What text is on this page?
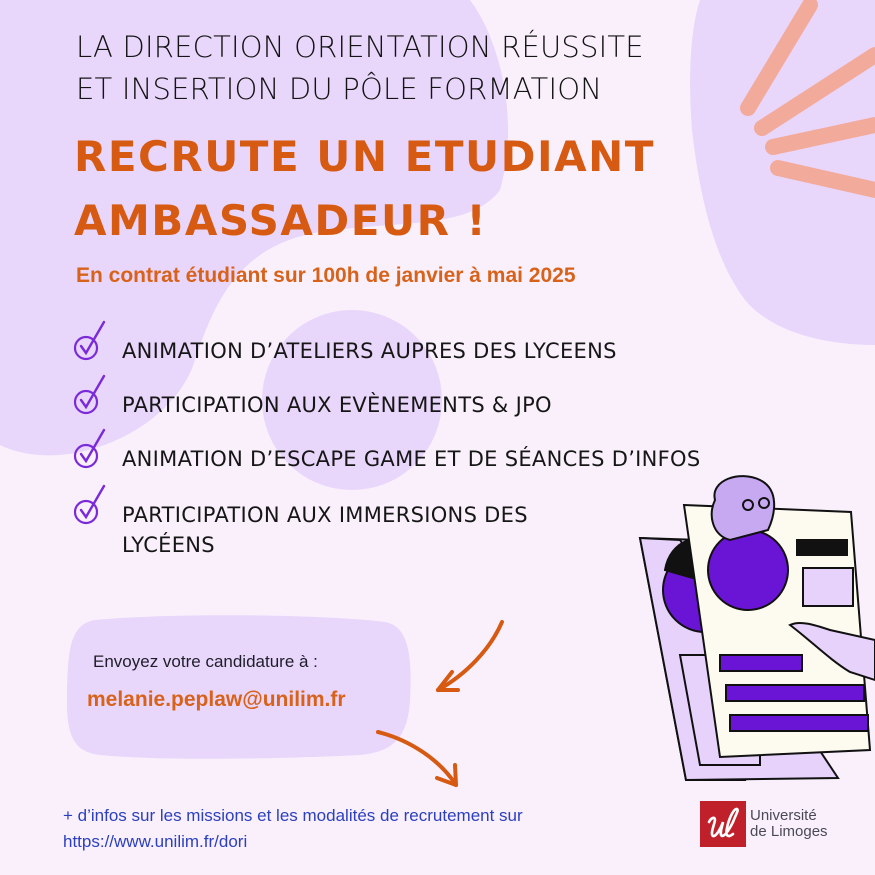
LA DIRECTION ORIENTATION RÉUSSITE
ET INSERTION DU PÔLE FORMATION
RECRUTE UN ETUDIANT
AMBASSADEUR !
En contrat étudiant sur 100h de janvier à mai 2025
ANIMATION D’ATELIERS AUPRES DES LYCEENS
PARTICIPATION AUX EVÈNEMENTS & JPO
ANIMATION D’ESCAPE GAME ET DE SÉANCES D’INFOS
PARTICIPATION AUX IMMERSIONS DES
LYCÉENS
Envoyez votre candidature à :
melanie.peplaw@unilim.fr
+ d’infos sur les missions et les modalités de recrutement sur
https://www.unilim.fr/dori
Université
de Limoges
